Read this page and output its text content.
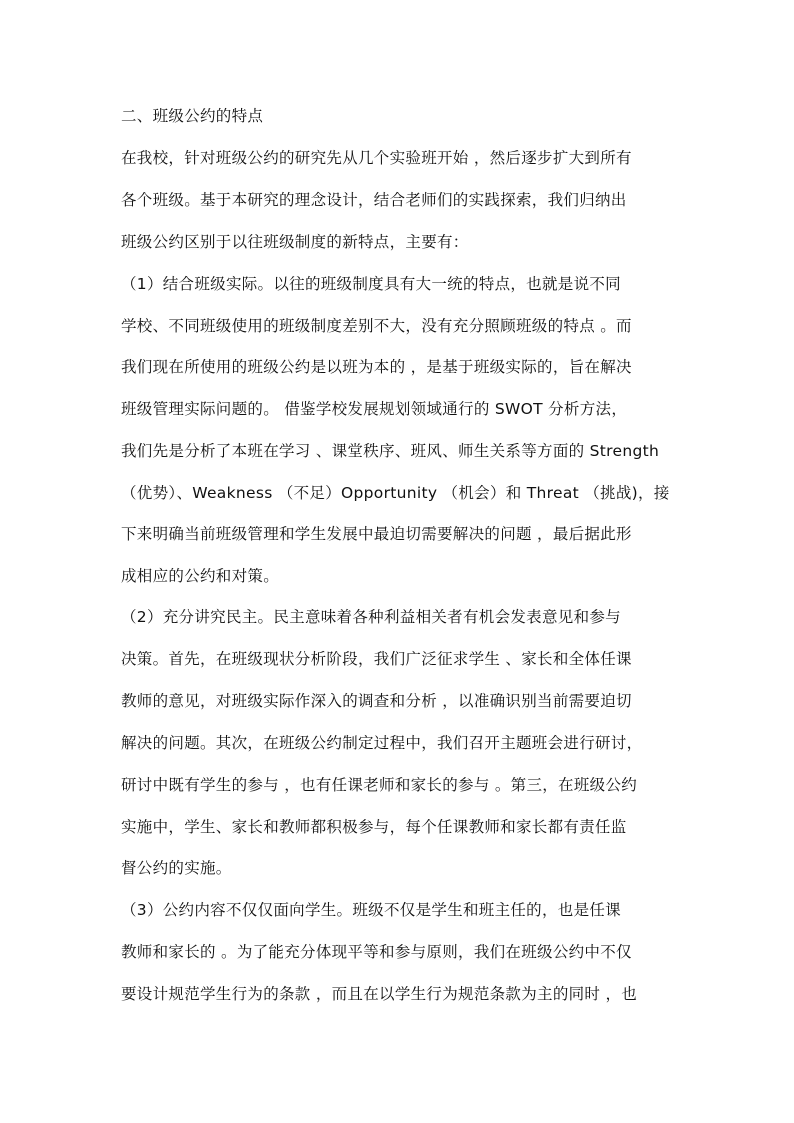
二、班级公约的特点
在我校，针对班级公约的研究先从几个实验班开始 ，然后逐步扩大到所有
各个班级。基于本研究的理念设计，结合老师们的实践探索，我们归纳出
班级公约区别于以往班级制度的新特点，主要有：
（1）结合班级实际。以往的班级制度具有大一统的特点，也就是说不同
学校、不同班级使用的班级制度差别不大，没有充分照顾班级的特点 。而
我们现在所使用的班级公约是以班为本的 ，是基于班级实际的，旨在解决
班级管理实际问题的。 借鉴学校发展规划领域通行的 SWOT 分析方法，
我们先是分析了本班在学习 、课堂秩序、班风、师生关系等方面的 Strength
（优势）、Weakness （不足）Opportunity （机会）和 Threat （挑战)，接
下来明确当前班级管理和学生发展中最迫切需要解决的问题 ，最后据此形
成相应的公约和对策。
（2）充分讲究民主。民主意味着各种利益相关者有机会发表意见和参与
决策。首先，在班级现状分析阶段，我们广泛征求学生 、家长和全体任课
教师的意见，对班级实际作深入的调查和分析 ，以准确识别当前需要迫切
解决的问题。其次，在班级公约制定过程中，我们召开主题班会进行研讨，
研讨中既有学生的参与 ，也有任课老师和家长的参与 。第三，在班级公约
实施中，学生、家长和教师都积极参与，每个任课教师和家长都有责任监
督公约的实施。
（3）公约内容不仅仅面向学生。班级不仅是学生和班主任的，也是任课
教师和家长的 。为了能充分体现平等和参与原则，我们在班级公约中不仅
要设计规范学生行为的条款 ，而且在以学生行为规范条款为主的同时 ，也
